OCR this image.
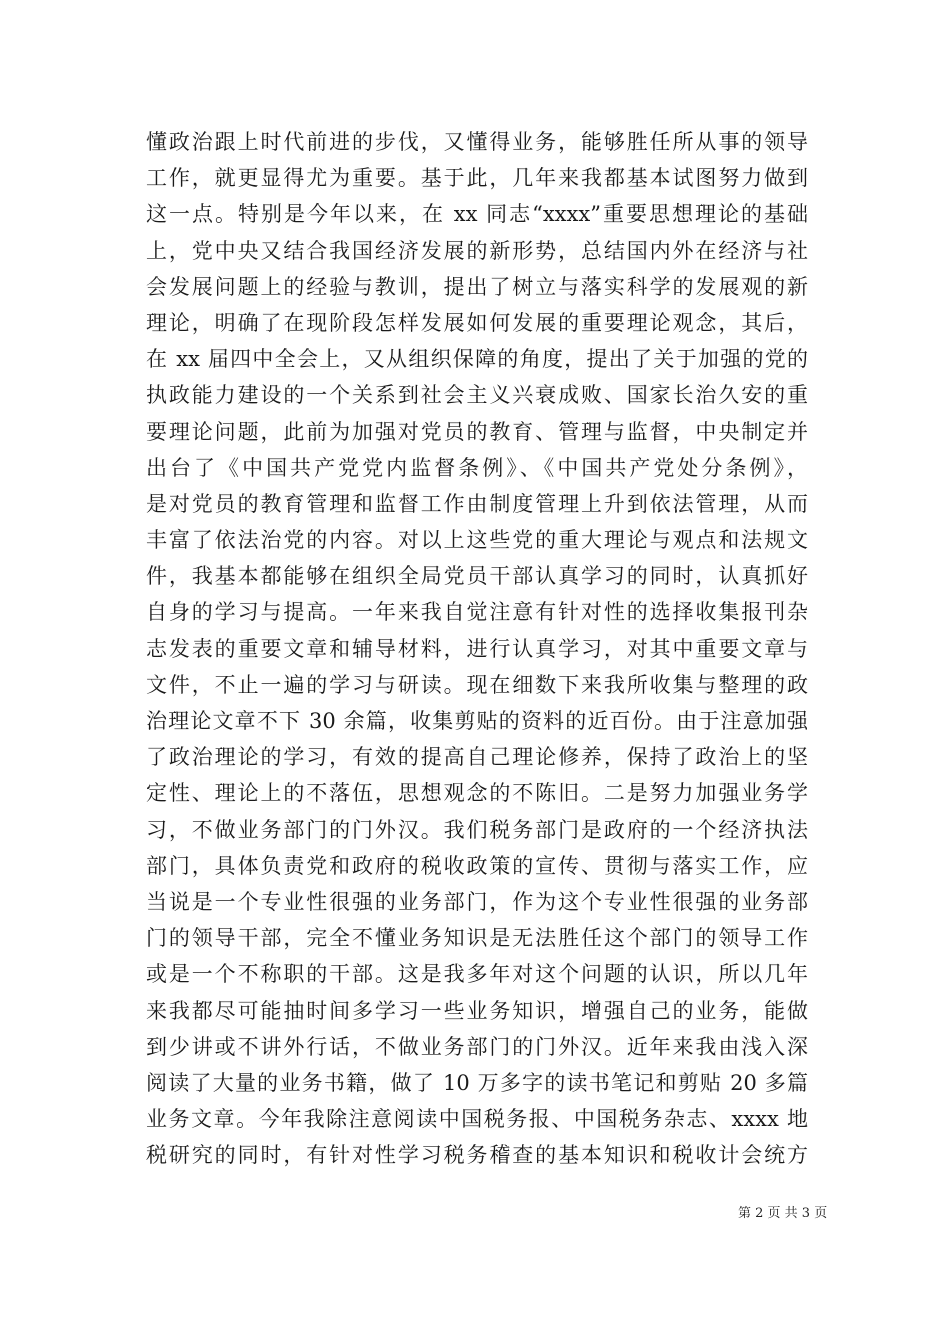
懂政治跟上时代前进的步伐，又懂得业务，能够胜任所从事的领导
工作，就更显得尤为重要。基于此，几年来我都基本试图努力做到
这一点。特别是今年以来，在 xx 同志“xxxx”重要思想理论的基础
上，党中央又结合我国经济发展的新形势，总结国内外在经济与社
会发展问题上的经验与教训，提出了树立与落实科学的发展观的新
理论，明确了在现阶段怎样发展如何发展的重要理论观念，其后，
在 xx 届四中全会上，又从组织保障的角度，提出了关于加强的党的
执政能力建设的一个关系到社会主义兴衰成败、国家长治久安的重
要理论问题，此前为加强对党员的教育、管理与监督，中央制定并
出台了《中国共产党党内监督条例》、《中国共产党处分条例》，
是对党员的教育管理和监督工作由制度管理上升到依法管理，从而
丰富了依法治党的内容。对以上这些党的重大理论与观点和法规文
件，我基本都能够在组织全局党员干部认真学习的同时，认真抓好
自身的学习与提高。一年来我自觉注意有针对性的选择收集报刊杂
志发表的重要文章和辅导材料，进行认真学习，对其中重要文章与
文件，不止一遍的学习与研读。现在细数下来我所收集与整理的政
治理论文章不下 30 余篇，收集剪贴的资料的近百份。由于注意加强
了政治理论的学习，有效的提高自己理论修养，保持了政治上的坚
定性、理论上的不落伍，思想观念的不陈旧。二是努力加强业务学
习，不做业务部门的门外汉。我们税务部门是政府的一个经济执法
部门，具体负责党和政府的税收政策的宣传、贯彻与落实工作，应
当说是一个专业性很强的业务部门，作为这个专业性很强的业务部
门的领导干部，完全不懂业务知识是无法胜任这个部门的领导工作
或是一个不称职的干部。这是我多年对这个问题的认识，所以几年
来我都尽可能抽时间多学习一些业务知识，增强自己的业务，能做
到少讲或不讲外行话，不做业务部门的门外汉。近年来我由浅入深
阅读了大量的业务书籍，做了 10 万多字的读书笔记和剪贴 20 多篇
业务文章。今年我除注意阅读中国税务报、中国税务杂志、xxxx 地
税研究的同时，有针对性学习税务稽查的基本知识和税收计会统方
第 2 页 共 3 页
